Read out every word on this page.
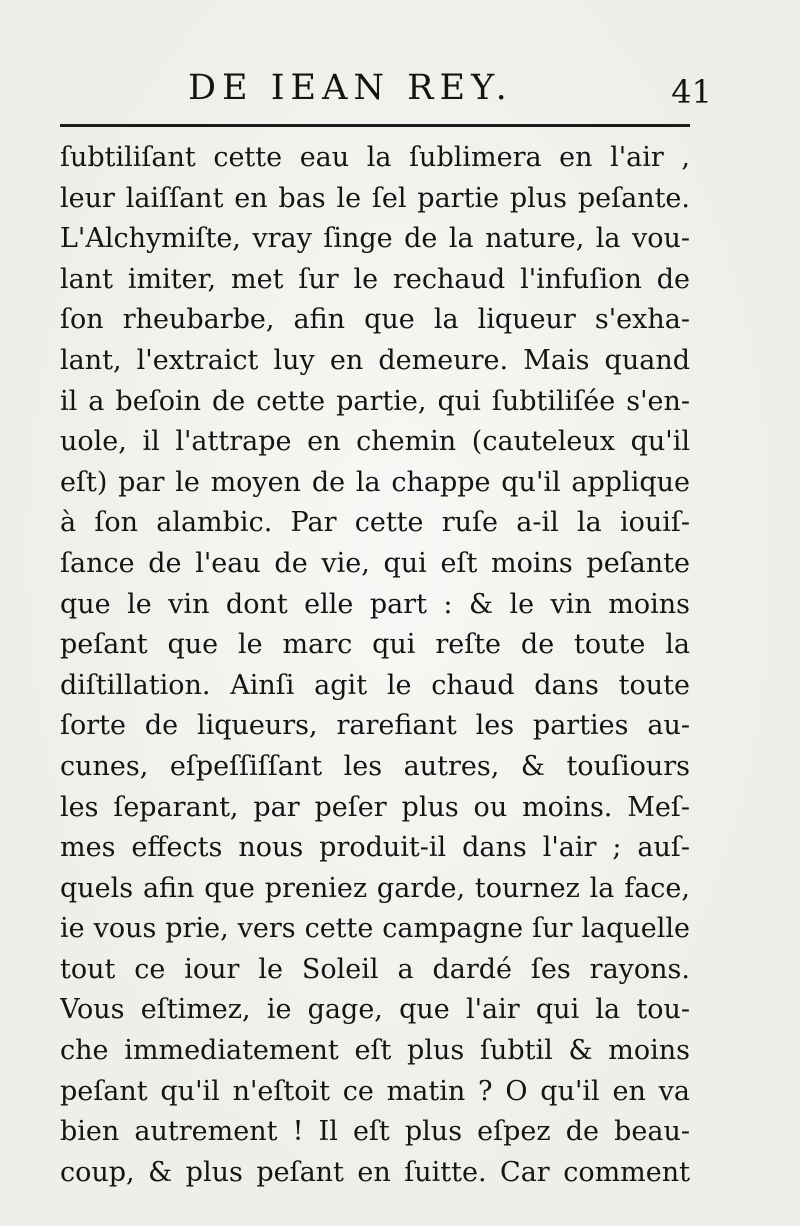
DE IEAN REY.	41
ſubtiliſant cette eau la ſublimera en l'air ,
leur laiſſant en bas le ſel partie plus peſante.
L'Alchymiſte, vray ſinge de la nature, la vou-
lant imiter, met ſur le rechaud l'infuſion de
ſon rheubarbe, afin que la liqueur s'exha-
lant, l'extraict luy en demeure. Mais quand
il a beſoin de cette partie, qui ſubtiliſée s'en-
uole, il l'attrape en chemin (cauteleux qu'il
eſt) par le moyen de la chappe qu'il applique
à ſon alambic. Par cette ruſe a-il la iouiſ-
ſance de l'eau de vie, qui eſt moins peſante
que le vin dont elle part : & le vin moins
peſant que le marc qui reſte de toute la
diſtillation. Ainſi agit le chaud dans toute
ſorte de liqueurs, rarefiant les parties au-
cunes, eſpeſſiſſant les autres, & touſiours
les ſeparant, par peſer plus ou moins. Meſ-
mes effects nous produit-il dans l'air ; auſ-
quels afin que preniez garde, tournez la face,
ie vous prie, vers cette campagne ſur laquelle
tout ce iour le Soleil a dardé ſes rayons.
Vous eſtimez, ie gage, que l'air qui la tou-
che immediatement eſt plus ſubtil & moins
peſant qu'il n'eſtoit ce matin ? O qu'il en va
bien autrement ! Il eſt plus eſpez de beau-
coup, & plus peſant en ſuitte. Car comment
